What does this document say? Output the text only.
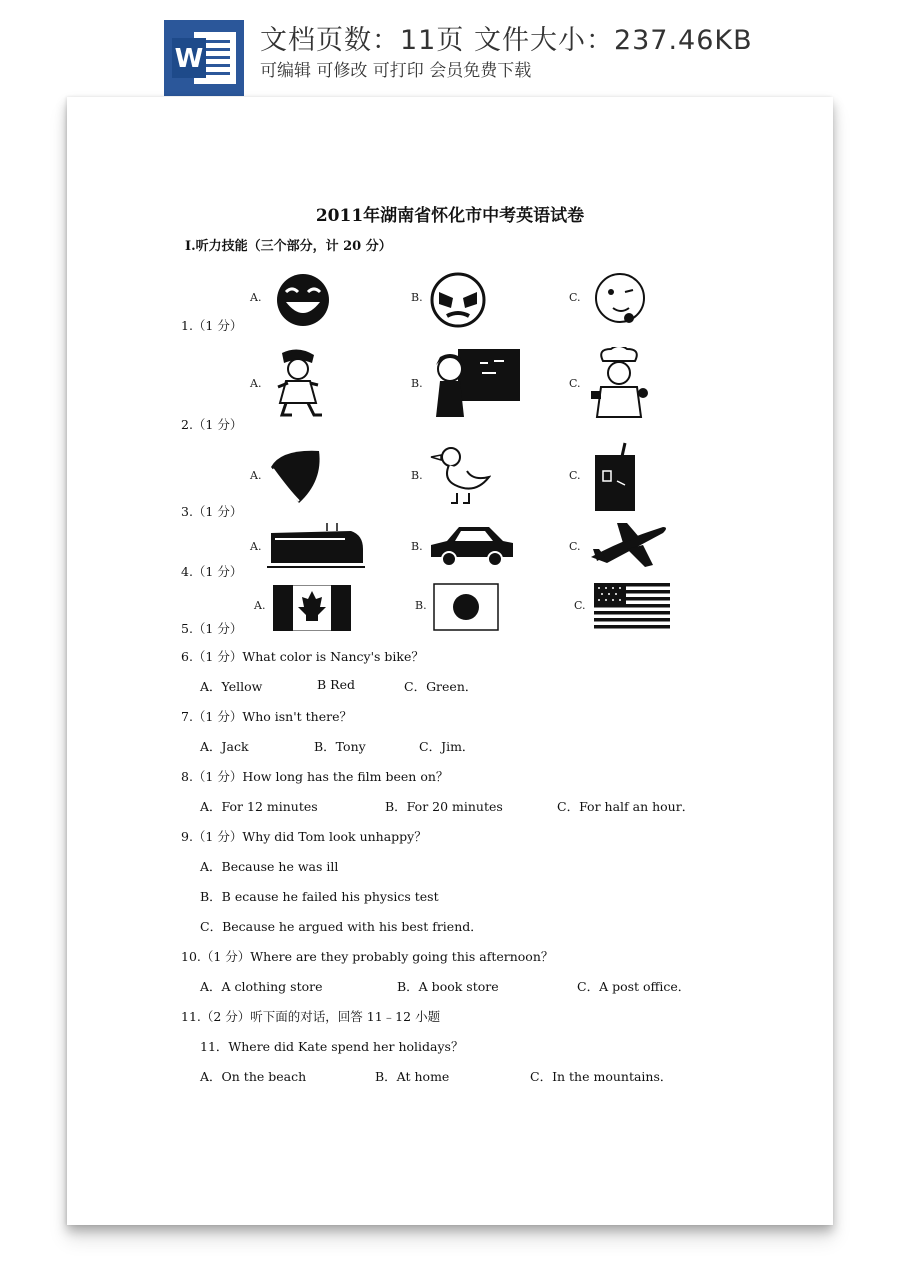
W
文档页数：11页 文件大小：237.46KB
可编辑 可修改 可打印 会员免费下载
2011年湖南省怀化市中考英语试卷
Ⅰ.听力技能（三个部分，计 20 分）
A.	B.	C.
1.（1 分）
A.	B.	C.
2.（1 分）
A.	B.	C.
3.（1 分）
A.	B.	C.
4.（1 分）
A.	B.	C.
5.（1 分）
6.（1 分）What color is Nancy's bike？
A．Yellow	B Red	C．Green．
7.（1 分）Who isn't there？
A．Jack	B．Tony	C．Jim．
8.（1 分）How long has the film been on？
A．For 12 minutes	B．For 20 minutes	C．For half an hour．
9.（1 分）Why did Tom look unhappy？
A．Because he was ill
B．B ecause he failed his physics test
C．Because he argued with his best friend．
10.（1 分）Where are they probably going this afternoon？
A．A clothing store	B．A book store	C．A post office．
11.（2 分）听下面的对话，回答 11﹣12 小题
11．Where did Kate spend her holidays？
A．On the beach	B．At home	C．In the mountains．
